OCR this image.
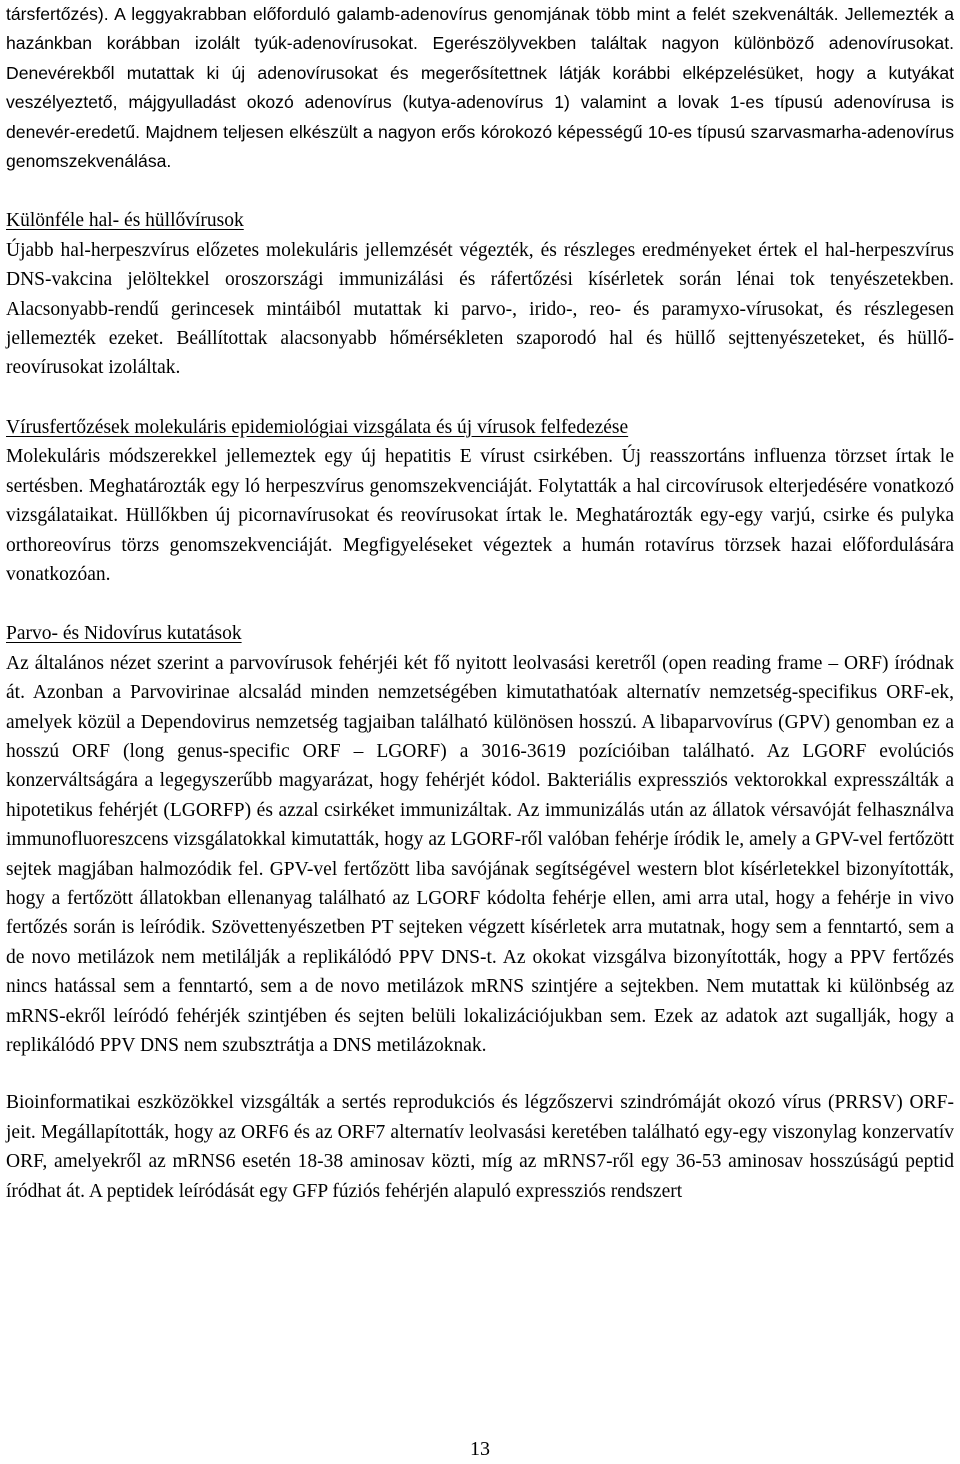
társfertőzés). A leggyakrabban előforduló galamb-adenovírus genomjának több mint a felét szekvenálták. Jellemezték a hazánkban korábban izolált tyúk-adenovírusokat. Egerészölyvekben találtak nagyon különböző adenovírusokat. Denevérekből mutattak ki új adenovírusokat és megerősítettnek látják korábbi elképzelésüket, hogy a kutyákat veszélyeztető, májgyulladást okozó adenovírus (kutya-adenovírus 1) valamint a lovak 1-es típusú adenovírusa is denevér-eredetű. Majdnem teljesen elkészült a nagyon erős kórokozó képességű 10-es típusú szarvasmarha-adenovírus genomszekvenálása.

Különféle hal- és hüllővírusok

Újabb hal-herpeszvírus előzetes molekuláris jellemzését végezték, és részleges eredményeket értek el hal-herpeszvírus DNS-vakcina jelöltekkel oroszországi immunizálási és ráfertőzési kísérletek során lénai tok tenyészetekben. Alacsonyabb-rendű gerincesek mintáiból mutattak ki parvo-, irido-, reo- és paramyxo-vírusokat, és részlegesen jellemezték ezeket. Beállítottak alacsonyabb hőmérsékleten szaporodó hal és hüllő sejttenyészeteket, és hüllő-reovírusokat izoláltak.

Vírusfertőzések molekuláris epidemiológiai vizsgálata és új vírusok felfedezése

Molekuláris módszerekkel jellemeztek egy új hepatitis E vírust csirkében. Új reasszortáns influenza törzset írtak le sertésben. Meghatározták egy ló herpeszvírus genomszekvenciáját. Folytatták a hal circovírusok elterjedésére vonatkozó vizsgálataikat. Hüllőkben új picornavírusokat és reovírusokat írtak le. Meghatározták egy-egy varjú, csirke és pulyka orthoreovírus törzs genomszekvenciáját. Megfigyeléseket végeztek a humán rotavírus törzsek hazai előfordulására vonatkozóan.

Parvo- és Nidovírus kutatások

Az általános nézet szerint a parvovírusok fehérjéi két fő nyitott leolvasási keretről (open reading frame – ORF) íródnak át. Azonban a Parvovirinae alcsalád minden nemzetségében kimutathatóak alternatív nemzetség-specifikus ORF-ek, amelyek közül a Dependovirus nemzetség tagjaiban található különösen hosszú. A libaparvovírus (GPV) genomban ez a hosszú ORF (long genus-specific ORF – LGORF) a 3016-3619 pozícióiban található. Az LGORF evolúciós konzerváltságára a legegyszerűbb magyarázat, hogy fehérjét kódol. Bakteriális expressziós vektorokkal expresszálták a hipotetikus fehérjét (LGORFP) és azzal csirkéket immunizáltak. Az immunizálás után az állatok vérsavóját felhasználva immunofluoreszcens vizsgálatokkal kimutatták, hogy az LGORF-ről valóban fehérje íródik le, amely a GPV-vel fertőzött sejtek magjában halmozódik fel. GPV-vel fertőzött liba savójának segítségével western blot kísérletekkel bizonyították, hogy a fertőzött állatokban ellenanyag található az LGORF kódolta fehérje ellen, ami arra utal, hogy a fehérje in vivo fertőzés során is leíródik. Szövettenyészetben PT sejteken végzett kísérletek arra mutatnak, hogy sem a fenntartó, sem a de novo metilázok nem metilálják a replikálódó PPV DNS-t. Az okokat vizsgálva bizonyították, hogy a PPV fertőzés nincs hatással sem a fenntartó, sem a de novo metilázok mRNS szintjére a sejtekben. Nem mutattak ki különbség az mRNS-ekről leíródó fehérjék szintjében és sejten belüli lokalizációjukban sem. Ezek az adatok azt sugallják, hogy a replikálódó PPV DNS nem szubsztrátja a DNS metilázoknak.

Bioinformatikai eszközökkel vizsgálták a sertés reprodukciós és légzőszervi szindrómáját okozó vírus (PRRSV) ORF-jeit. Megállapították, hogy az ORF6 és az ORF7 alternatív leolvasási keretében található egy-egy viszonylag konzervatív ORF, amelyekről az mRNS6 esetén 18-38 aminosav közti, míg az mRNS7-ről egy 36-53 aminosav hosszúságú peptid íródhat át. A peptidek leíródását egy GFP fúziós fehérjén alapuló expressziós rendszert

13
